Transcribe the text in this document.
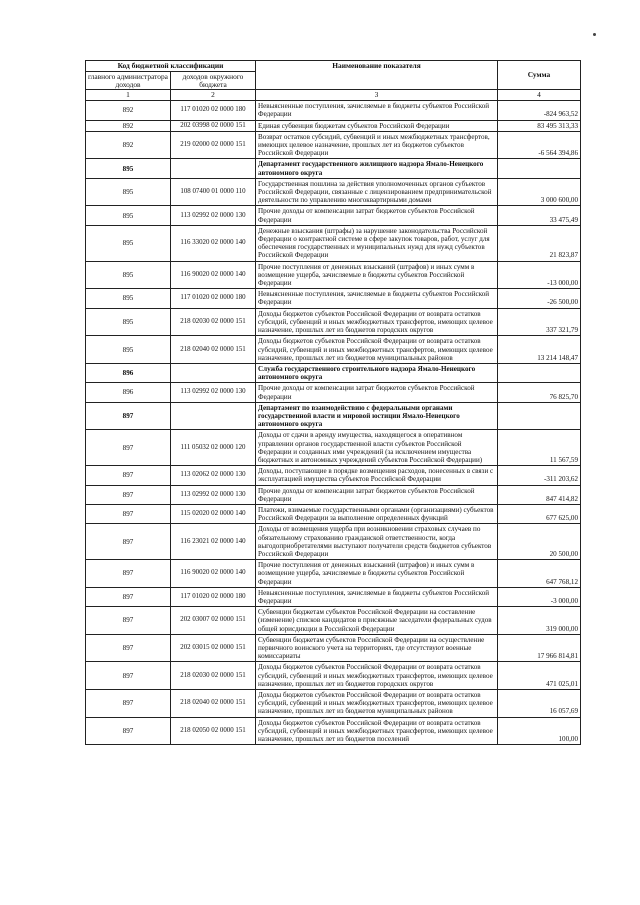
Код бюджетной классификации		Наименование показателя	Сумма
главного администратора доходов	доходов окружного бюджета		
1	2	3	4
892	117 01020 02 0000 180	Невыясненные поступления, зачисляемые в бюджеты субъектов Российской Федерации	-824 963,52
892	202 03998 02 0000 151	Единая субвенция бюджетам субъектов Российской Федерации	83 495 313,33
892	219 02000 02 0000 151	Возврат остатков субсидий, субвенций и иных межбюджетных трансфертов, имеющих целевое назначение, прошлых лет из бюджетов субъектов Российской Федерации	-6 564 394,86
895		Департамент государственного жилищного надзора Ямало-Ненецкого автономного округа	
895	108 07400 01 0000 110	Государственная пошлина за действия уполномоченных органов субъектов Российской Федерации, связанные с лицензированием предпринимательской деятельности по управлению многоквартирными домами	3 000 600,00
895	113 02992 02 0000 130	Прочие доходы от компенсации затрат бюджетов субъектов Российской Федерации	33 475,49
895	116 33020 02 0000 140	Денежные взыскания (штрафы) за нарушение законодательства Российской Федерации о контрактной системе в сфере закупок товаров, работ, услуг для обеспечения государственных и муниципальных нужд для нужд субъектов Российской Федерации	21 823,87
895	116 90020 02 0000 140	Прочие поступления от денежных взысканий (штрафов) и иных сумм в возмещение ущерба, зачисляемые в бюджеты субъектов Российской Федерации	-13 000,00
895	117 01020 02 0000 180	Невыясненные поступления, зачисляемые в бюджеты субъектов Российской Федерации	-26 500,00
895	218 02030 02 0000 151	Доходы бюджетов субъектов Российской Федерации от возврата остатков субсидий, субвенций и иных межбюджетных трансфертов, имеющих целевое назначение, прошлых лет из бюджетов городских округов	337 321,79
895	218 02040 02 0000 151	Доходы бюджетов субъектов Российской Федерации от возврата остатков субсидий, субвенций и иных межбюджетных трансфертов, имеющих целевое назначение, прошлых лет из бюджетов муниципальных районов	13 214 148,47
896		Служба государственного строительного надзора Ямало-Ненецкого автономного округа	
896	113 02992 02 0000 130	Прочие доходы от компенсации затрат бюджетов субъектов Российской Федерации	76 825,70
897		Департамент по взаимодействию с федеральными органами государственной власти и мировой юстиции Ямало-Ненецкого автономного округа	
897	111 05032 02 0000 120	Доходы от сдачи в аренду имущества, находящегося в оперативном управлении органов государственной власти субъектов Российской Федерации и созданных ими учреждений (за исключением имущества бюджетных и автономных учреждений субъектов Российской Федерации)	11 567,59
897	113 02062 02 0000 130	Доходы, поступающие в порядке возмещения расходов, понесенных в связи с эксплуатацией имущества субъектов Российской Федерации	-311 203,62
897	113 02992 02 0000 130	Прочие доходы от компенсации затрат бюджетов субъектов Российской Федерации	847 414,82
897	115 02020 02 0000 140	Платежи, взимаемые государственными органами (организациями) субъектов Российской Федерации за выполнение определенных функций	677 625,00
897	116 23021 02 0000 140	Доходы от возмещения ущерба при возникновении страховых случаев по обязательному страхованию гражданской ответственности, когда выгодоприобретателями выступают получатели средств бюджетов субъектов Российской Федерации	20 500,00
897	116 90020 02 0000 140	Прочие поступления от денежных взысканий (штрафов) и иных сумм в возмещение ущерба, зачисляемые в бюджеты субъектов Российской Федерации	647 768,12
897	117 01020 02 0000 180	Невыясненные поступления, зачисляемые в бюджеты субъектов Российской Федерации	-3 000,00
897	202 03007 02 0000 151	Субвенции бюджетам субъектов Российской Федерации на составление (изменение) списков кандидатов в присяжные заседатели федеральных судов общей юрисдикции в Российской Федерации	319 000,00
897	202 03015 02 0000 151	Субвенции бюджетам субъектов Российской Федерации на осуществление первичного воинского учета на территориях, где отсутствуют военные комиссариаты	17 966 814,81
897	218 02030 02 0000 151	Доходы бюджетов субъектов Российской Федерации от возврата остатков субсидий, субвенций и иных межбюджетных трансфертов, имеющих целевое назначение, прошлых лет из бюджетов городских округов	471 025,01
897	218 02040 02 0000 151	Доходы бюджетов субъектов Российской Федерации от возврата остатков субсидий, субвенций и иных межбюджетных трансфертов, имеющих целевое назначение, прошлых лет из бюджетов муниципальных районов	16 057,69
897	218 02050 02 0000 151	Доходы бюджетов субъектов Российской Федерации от возврата остатков субсидий, субвенций и иных межбюджетных трансфертов, имеющих целевое назначение, прошлых лет из бюджетов поселений	100,00
